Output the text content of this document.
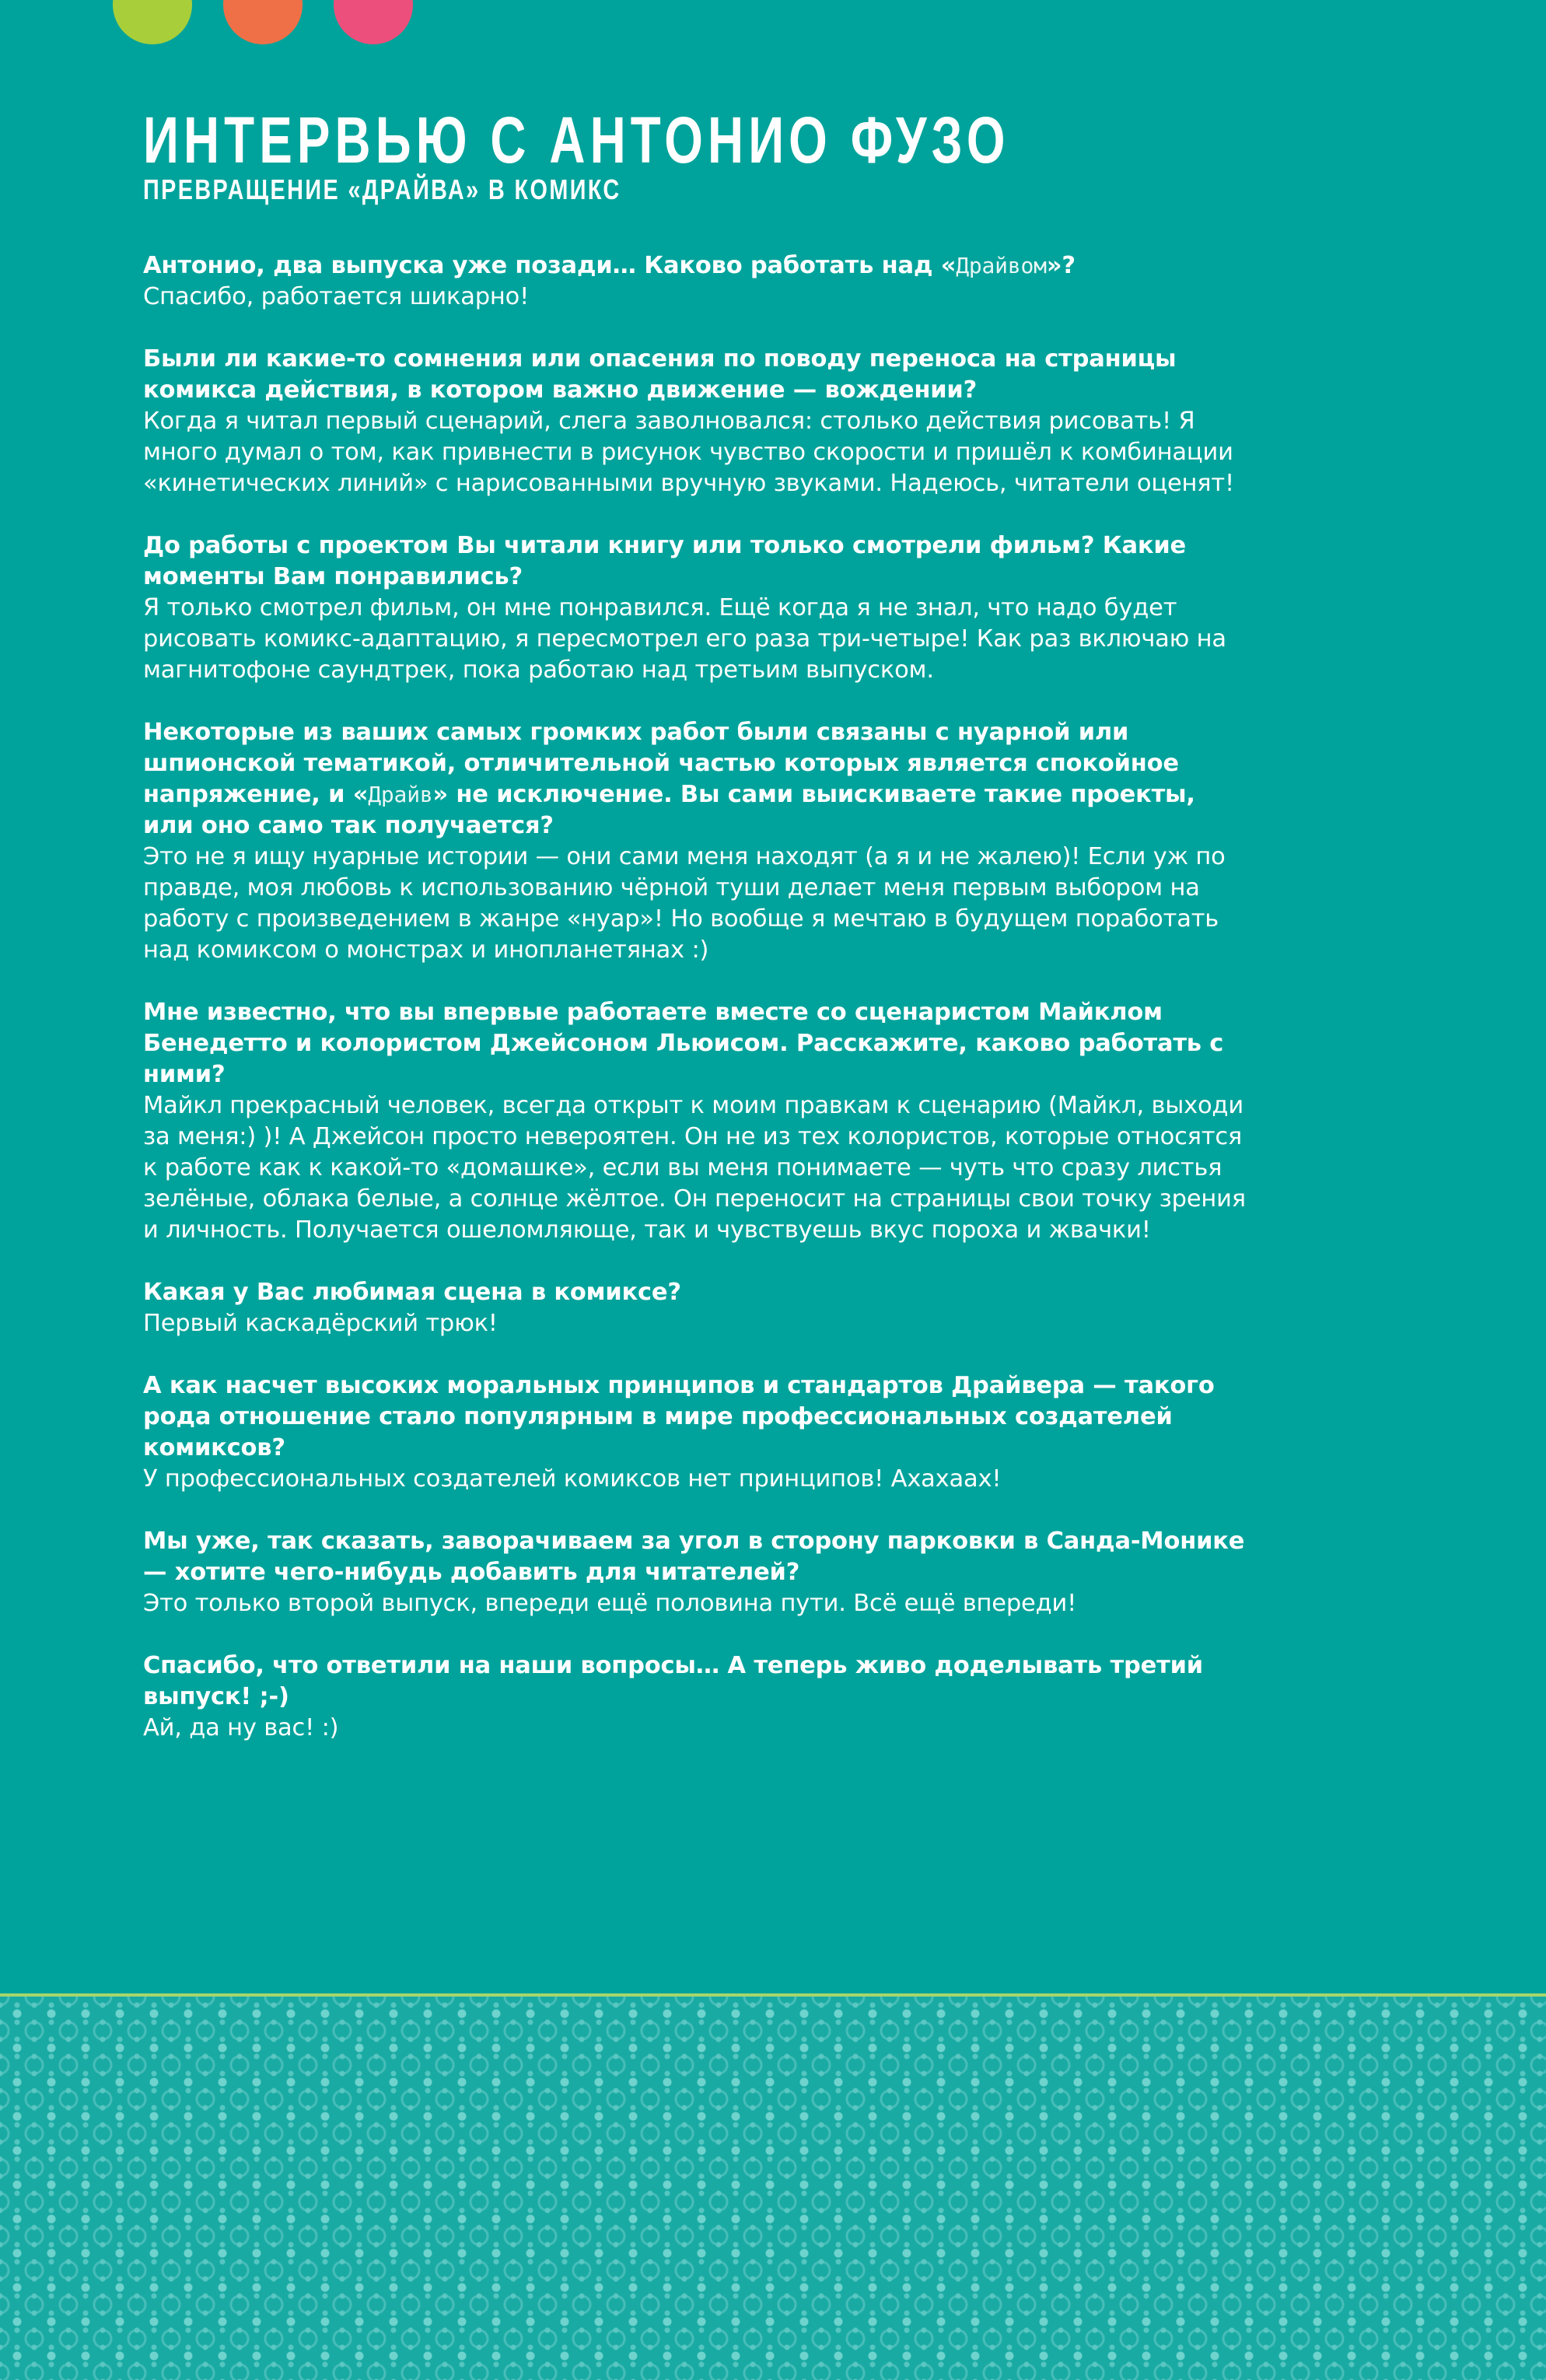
ИНТЕРВЬЮ С АНТОНИО ФУЗО
ПРЕВРАЩЕНИЕ «ДРАЙВА» В КОМИКС
Антонио, два выпуска уже позади… Каково работать над «Драйвом»?
Спасибо, работается шикарно!
Были ли какие-то сомнения или опасения по поводу переноса на страницы комикса действия, в котором важно движение — вождении?
Когда я читал первый сценарий, слега заволновался: столько действия рисовать! Я много думал о том, как привнести в рисунок чувство скорости и пришёл к комбинации «кинетических линий» с нарисованными вручную звуками. Надеюсь, читатели оценят!
До работы с проектом Вы читали книгу или только смотрели фильм? Какие моменты Вам понравились?
Я только смотрел фильм, он мне понравился. Ещё когда я не знал, что надо будет рисовать комикс-адаптацию, я пересмотрел его раза три-четыре! Как раз включаю на магнитофоне саундтрек, пока работаю над третьим выпуском.
Некоторые из ваших самых громких работ были связаны с нуарной или шпионской тематикой, отличительной частью которых является спокойное напряжение, и «Драйв» не исключение. Вы сами выискиваете такие проекты, или оно само так получается?
Это не я ищу нуарные истории — они сами меня находят (а я и не жалею)! Если уж по правде, моя любовь к использованию чёрной туши делает меня первым выбором на работу с произведением в жанре «нуар»! Но вообще я мечтаю в будущем поработать над комиксом о монстрах и инопланетянах :)
Мне известно, что вы впервые работаете вместе со сценаристом Майклом Бенедетто и колористом Джейсоном Льюисом. Расскажите, каково работать с ними?
Майкл прекрасный человек, всегда открыт к моим правкам к сценарию (Майкл, выходи за меня:) )! А Джейсон просто невероятен. Он не из тех колористов, которые относятся к работе как к какой-то «домашке», если вы меня понимаете — чуть что сразу листья зелёные, облака белые, а солнце жёлтое. Он переносит на страницы свои точку зрения и личность. Получается ошеломляюще, так и чувствуешь вкус пороха и жвачки!
Какая у Вас любимая сцена в комиксе?
Первый каскадёрский трюк!
А как насчет высоких моральных принципов и стандартов Драйвера — такого рода отношение стало популярным в мире профессиональных создателей комиксов?
У профессиональных создателей комиксов нет принципов! Ахахаах!
Мы уже, так сказать, заворачиваем за угол в сторону парковки в Санда-Монике — хотите чего-нибудь добавить для читателей?
Это только второй выпуск, впереди ещё половина пути. Всё ещё впереди!
Спасибо, что ответили на наши вопросы… А теперь живо доделывать третий выпуск! ;-)
Ай, да ну вас! :)
